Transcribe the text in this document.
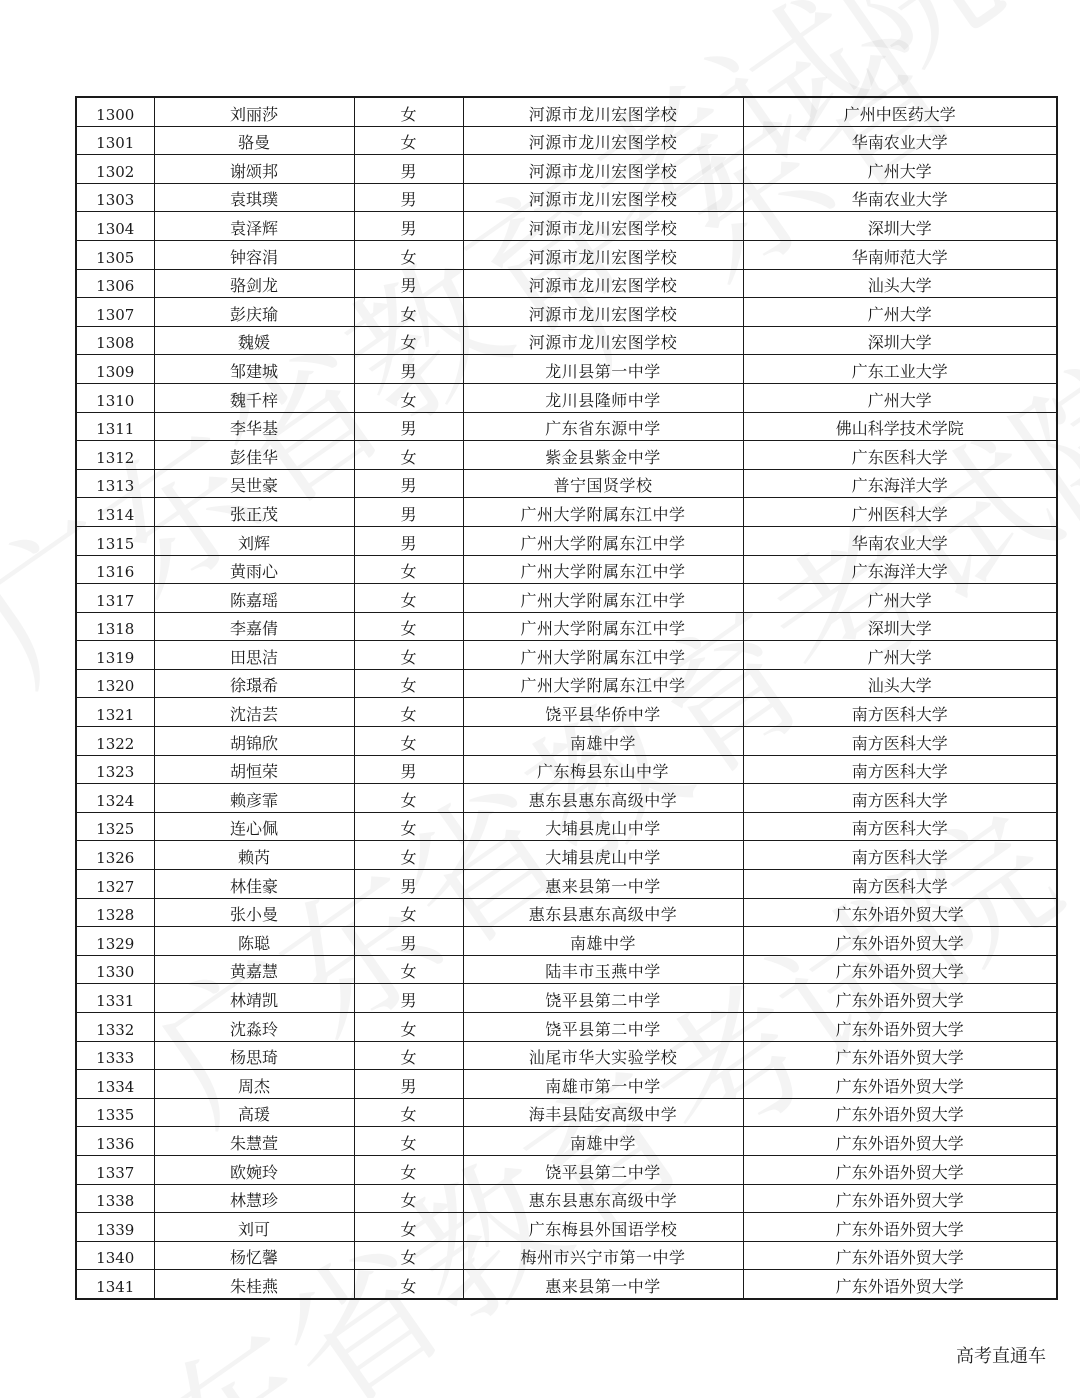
1300	刘丽莎	女	河源市龙川宏图学校	广州中医药大学
1301	骆曼	女	河源市龙川宏图学校	华南农业大学
1302	谢颂邦	男	河源市龙川宏图学校	广州大学
1303	袁琪璞	男	河源市龙川宏图学校	华南农业大学
1304	袁泽辉	男	河源市龙川宏图学校	深圳大学
1305	钟容涓	女	河源市龙川宏图学校	华南师范大学
1306	骆剑龙	男	河源市龙川宏图学校	汕头大学
1307	彭庆瑜	女	河源市龙川宏图学校	广州大学
1308	魏媛	女	河源市龙川宏图学校	深圳大学
1309	邹建城	男	龙川县第一中学	广东工业大学
1310	魏千梓	女	龙川县隆师中学	广州大学
1311	李华基	男	广东省东源中学	佛山科学技术学院
1312	彭佳华	女	紫金县紫金中学	广东医科大学
1313	吴世豪	男	普宁国贤学校	广东海洋大学
1314	张正茂	男	广州大学附属东江中学	广州医科大学
1315	刘辉	男	广州大学附属东江中学	华南农业大学
1316	黄雨心	女	广州大学附属东江中学	广东海洋大学
1317	陈嘉瑶	女	广州大学附属东江中学	广州大学
1318	李嘉倩	女	广州大学附属东江中学	深圳大学
1319	田思洁	女	广州大学附属东江中学	广州大学
1320	徐璟希	女	广州大学附属东江中学	汕头大学
1321	沈洁芸	女	饶平县华侨中学	南方医科大学
1322	胡锦欣	女	南雄中学	南方医科大学
1323	胡恒荣	男	广东梅县东山中学	南方医科大学
1324	赖彦霏	女	惠东县惠东高级中学	南方医科大学
1325	连心佩	女	大埔县虎山中学	南方医科大学
1326	赖芮	女	大埔县虎山中学	南方医科大学
1327	林佳豪	男	惠来县第一中学	南方医科大学
1328	张小曼	女	惠东县惠东高级中学	广东外语外贸大学
1329	陈聪	男	南雄中学	广东外语外贸大学
1330	黄嘉慧	女	陆丰市玉燕中学	广东外语外贸大学
1331	林靖凯	男	饶平县第二中学	广东外语外贸大学
1332	沈淼玲	女	饶平县第二中学	广东外语外贸大学
1333	杨思琦	女	汕尾市华大实验学校	广东外语外贸大学
1334	周杰	男	南雄市第一中学	广东外语外贸大学
1335	高瑗	女	海丰县陆安高级中学	广东外语外贸大学
1336	朱慧萱	女	南雄中学	广东外语外贸大学
1337	欧婉玲	女	饶平县第二中学	广东外语外贸大学
1338	林慧珍	女	惠东县惠东高级中学	广东外语外贸大学
1339	刘可	女	广东梅县外国语学校	广东外语外贸大学
1340	杨忆馨	女	梅州市兴宁市第一中学	广东外语外贸大学
1341	朱桂燕	女	惠来县第一中学	广东外语外贸大学
高考直通车
